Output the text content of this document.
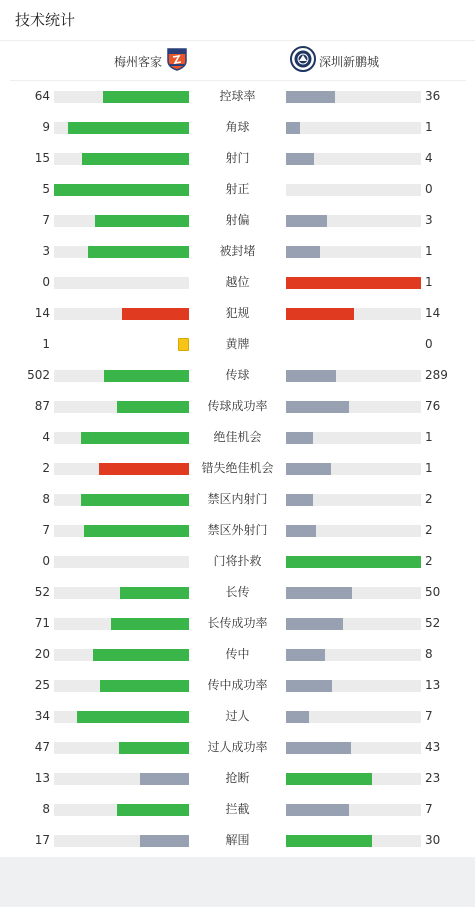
技术统计
梅州客家	深圳新鹏城
64	控球率	36
9	角球	1
15	射门	4
5	射正	0
7	射偏	3
3	被封堵	1
0	越位	1
14	犯规	14
1	黄牌	0
502	传球	289
87	传球成功率	76
4	绝佳机会	1
2	错失绝佳机会	1
8	禁区内射门	2
7	禁区外射门	2
0	门将扑救	2
52	长传	50
71	长传成功率	52
20	传中	8
25	传中成功率	13
34	过人	7
47	过人成功率	43
13	抢断	23
8	拦截	7
17	解围	30
